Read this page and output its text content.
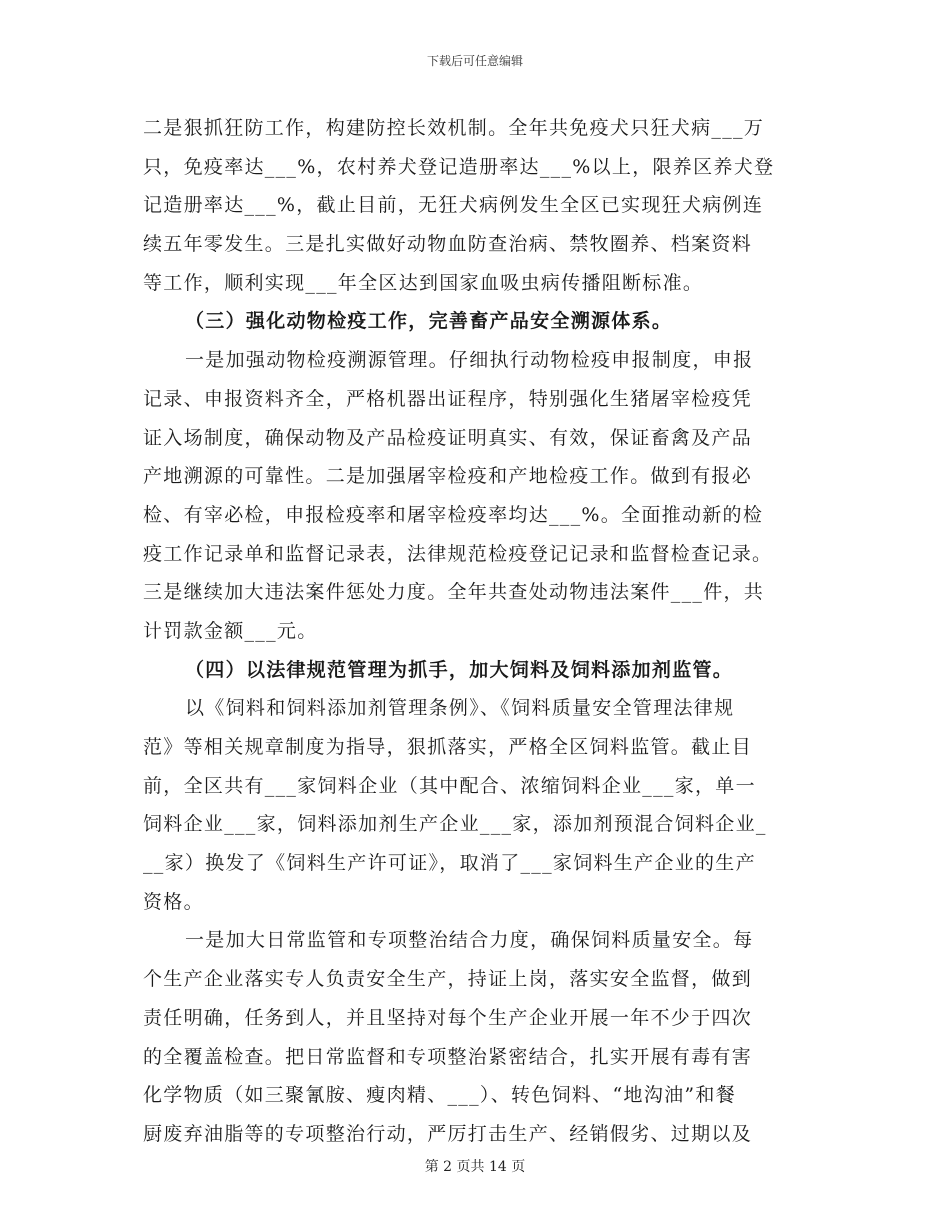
下载后可任意编辑
二是狠抓狂防工作，构建防控长效机制。全年共免疫犬只狂犬病___万
只，免疫率达___%，农村养犬登记造册率达___%以上，限养区养犬登
记造册率达___%，截止目前，无狂犬病例发生全区已实现狂犬病例连
续五年零发生。三是扎实做好动物血防查治病、禁牧圈养、档案资料
等工作，顺利实现___年全区达到国家血吸虫病传播阻断标准。
（三）强化动物检疫工作，完善畜产品安全溯源体系。
一是加强动物检疫溯源管理。仔细执行动物检疫申报制度，申报
记录、申报资料齐全，严格机器出证程序，特别强化生猪屠宰检疫凭
证入场制度，确保动物及产品检疫证明真实、有效，保证畜禽及产品
产地溯源的可靠性。二是加强屠宰检疫和产地检疫工作。做到有报必
检、有宰必检，申报检疫率和屠宰检疫率均达___%。全面推动新的检
疫工作记录单和监督记录表，法律规范检疫登记记录和监督检查记录。
三是继续加大违法案件惩处力度。全年共查处动物违法案件___件，共
计罚款金额___元。
（四）以法律规范管理为抓手，加大饲料及饲料添加剂监管。
以《饲料和饲料添加剂管理条例》、《饲料质量安全管理法律规
范》等相关规章制度为指导，狠抓落实，严格全区饲料监管。截止目
前，全区共有___家饲料企业（其中配合、浓缩饲料企业___家，单一
饲料企业___家，饲料添加剂生产企业___家，添加剂预混合饲料企业_
__家）换发了《饲料生产许可证》，取消了___家饲料生产企业的生产
资格。
一是加大日常监管和专项整治结合力度，确保饲料质量安全。每
个生产企业落实专人负责安全生产，持证上岗，落实安全监督，做到
责任明确，任务到人，并且坚持对每个生产企业开展一年不少于四次
的全覆盖检查。把日常监督和专项整治紧密结合，扎实开展有毒有害
化学物质（如三聚氰胺、瘦肉精、___）、转色饲料、“地沟油”和餐
厨废弃油脂等的专项整治行动，严厉打击生产、经销假劣、过期以及
第 2 页共 14 页
